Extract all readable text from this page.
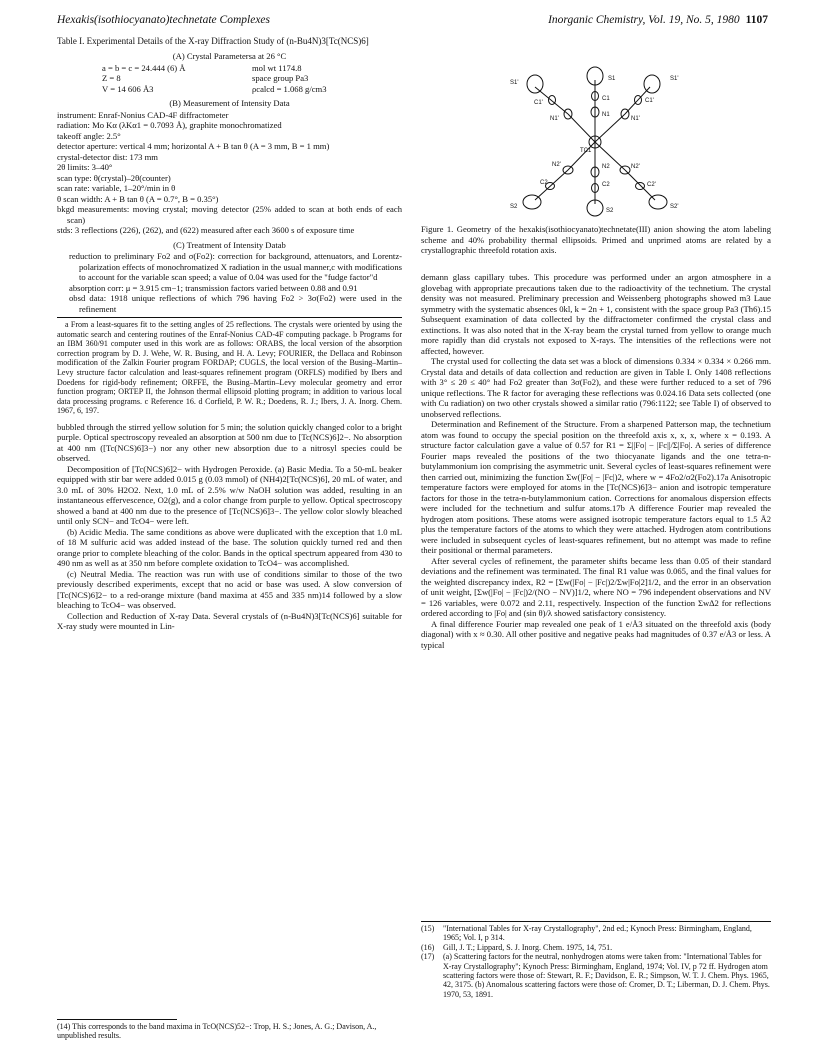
Hexakis(isothiocyanato)technetate Complexes	Inorganic Chemistry, Vol. 19, No. 5, 1980 1107
Table I. Experimental Details of the X-ray Diffraction Study of (n-Bu4N)3[Tc(NCS)6]
(A) Crystal Parametersa at 26 °C
a = b = c = 24.444 (6) Å	mol wt 1174.8
Z = 8	space group Pa3
V = 14 606 Å3	ρcalcd = 1.068 g/cm3
(B) Measurement of Intensity Data
instrument: Enraf-Nonius CAD-4F diffractometer
radiation: Mo Kα (λKα1 = 0.7093 Å), graphite monochromatized
takeoff angle: 2.5°
detector aperture: vertical 4 mm; horizontal A + B tan θ (A = 3 mm, B = 1 mm)
crystal-detector dist: 173 mm
2θ limits: 3–40°
scan type: θ(crystal)–2θ(counter)
scan rate: variable, 1–20°/min in θ
θ scan width: A + B tan θ (A = 0.7°, B = 0.35°)
bkgd measurements: moving crystal; moving detector (25% added to scan at both ends of each scan)
stds: 3 reflections (226), (262), and (622) measured after each 3600 s of exposure time
(C) Treatment of Intensity Datab
reduction to preliminary Fo2 and σ(Fo2): correction for background, attenuators, and Lorentz-polarization effects of monochromatized X radiation in the usual manner,c with modifications to account for the variable scan speed; a value of 0.04 was used for the "fudge factor"d
absorption corr: μ = 3.915 cm−1; transmission factors varied between 0.88 and 0.91
obsd data: 1918 unique reflections of which 796 having Fo2 > 3σ(Fo2) were used in the refinement

a From a least-squares fit to the setting angles of 25 reflections. The crystals were oriented by using the automatic search and centering routines of the Enraf-Nonius CAD-4F computing package. b Programs for an IBM 360/91 computer used in this work are as follows: ORABS, the local version of the absorption correction program by D. J. Wehe, W. R. Busing, and H. A. Levy; FOURIER, the Dellaca and Robinson modification of the Zalkin Fourier program FORDAP; CUGLS, the local version of the Busing–Martin–Levy structure factor calculation and least-squares refinement program (ORFLS) modified by Ibers and Doedens for rigid-body refinement; ORFFE, the Busing–Martin–Levy molecular geometry and error function program; ORTEP II, the Johnson thermal ellipsoid plotting program; in addition to various local data processing programs. c Reference 16. d Corfield, P. W. R.; Doedens, R. J.; Ibers, J. A. Inorg. Chem. 1967, 6, 197.

bubbled through the stirred yellow solution for 5 min; the solution quickly changed color to a bright purple. Optical spectroscopy revealed an absorption at 500 nm due to [Tc(NCS)6]2−. No absorption at 400 nm ([Tc(NCS)6]3−) nor any other new absorption due to a nitrosyl species could be observed.

Decomposition of [Tc(NCS)6]2− with Hydrogen Peroxide. (a) Basic Media. To a 50-mL beaker equipped with stir bar were added 0.015 g (0.03 mmol) of (NH4)2[Tc(NCS)6], 20 mL of water, and 3.0 mL of 30% H2O2. Next, 1.0 mL of 2.5% w/w NaOH solution was added, resulting in an instantaneous effervescence, O2(g), and a color change from purple to yellow. Optical spectroscopy showed a band at 400 nm due to the presence of [Tc(NCS)6]3−. The yellow color slowly bleached until only SCN− and TcO4− were left.

(b) Acidic Media. The same conditions as above were duplicated with the exception that 1.0 mL of 18 M sulfuric acid was added instead of the base. The solution quickly turned red and then orange prior to complete bleaching of the color. Bands in the optical spectrum appeared from 430 to 490 nm as well as at 350 nm before complete oxidation to TcO4− was accomplished.

(c) Neutral Media. The reaction was run with use of conditions similar to those of the two previously described experiments, except that no acid or base was used. A slow conversion of [Tc(NCS)6]2− to a red-orange mixture (band maxima at 455 and 335 nm)14 followed by a slow bleaching to TcO4− was observed.

Collection and Reduction of X-ray Data. Several crystals of (n-Bu4N)3[Tc(NCS)6] suitable for X-ray study were mounted in Lin-

(14) This corresponds to the band maxima in TcO(NCS)52−: Trop, H. S.; Jones, A. G.; Davison, A., unpublished results.
S1'
S1	S1'
C1'
C1	C1'
N1'
N1
N1'
TC1
N2'	N2	N2'
C2	C2	C2'
S2
S2
S2'
Figure 1. Geometry of the hexakis(isothiocyanato)technetate(III) anion showing the atom labeling scheme and 40% probability thermal ellipsoids. Primed and unprimed atoms are related by a crystallographic threefold rotation axis.

demann glass capillary tubes. This procedure was performed under an argon atmosphere in a glovebag with appropriate precautions taken due to the radioactivity of the technetium. The crystal density was not measured. Preliminary precession and Weissenberg photographs showed m3 Laue symmetry with the systematic absences 0kl, k = 2n + 1, consistent with the space group Pa3 (Th6).15 Subsequent examination of data collected by the diffractometer confirmed the crystal class and extinctions. It was also noted that in the X-ray beam the crystal turned from yellow to orange much more rapidly than did crystals not exposed to X-rays. The intensities of the reflections were not affected, however.

The crystal used for collecting the data set was a block of dimensions 0.334 × 0.334 × 0.266 mm. Crystal data and details of data collection and reduction are given in Table I. Only 1408 reflections with 3° ≤ 2θ ≤ 40° had Fo2 greater than 3σ(Fo2), and these were further reduced to a set of 796 unique reflections. The R factor for averaging these reflections was 0.024.16 Data sets collected (one with Cu radiation) on two other crystals showed a similar ratio (796:1122; see Table I) of observed to unobserved reflections.

Determination and Refinement of the Structure. From a sharpened Patterson map, the technetium atom was found to occupy the special position on the threefold axis x, x, x, where x = 0.193. A structure factor calculation gave a value of 0.57 for R1 = Σ||Fo| − |Fc||/Σ|Fo|. A series of difference Fourier maps revealed the positions of the two thiocyanate ligands and the one tetra-n-butylammonium ion comprising the asymmetric unit. Several cycles of least-squares refinement were then carried out, minimizing the function Σw(|Fo| − |Fc|)2, where w = 4Fo2/σ2(Fo2).17a Anisotropic temperature factors were employed for atoms in the [Tc(NCS)6]3− anion and isotropic temperature factors for those in the tetra-n-butylammonium cation. Corrections for anomalous dispersion effects were included for the technetium and sulfur atoms.17b A difference Fourier map revealed the hydrogen atom positions. These atoms were assigned isotropic temperature factors equal to 1.5 Å2 plus the temperature factors of the atoms to which they were attached. Hydrogen atom contributions were included in subsequent cycles of least-squares refinement, but no attempt was made to refine their positional or thermal parameters.

After several cycles of refinement, the parameter shifts became less than 0.05 of their standard deviations and the refinement was terminated. The final R1 value was 0.065, and the final values for the weighted discrepancy index, R2 = [Σw(|Fo| − |Fc|)2/Σw|Fo|2]1/2, and the error in an observation of unit weight, [Σw(|Fo| − |Fc|)2/(NO − NV)]1/2, where NO = 796 independent observations and NV = 126 variables, were 0.072 and 2.11, respectively. Inspection of the function Σw∆2 for reflections ordered according to |Fo| and (sin θ)/λ showed satisfactory consistency.

A final difference Fourier map revealed one peak of 1 e/Å3 situated on the threefold axis (body diagonal) with x ≈ 0.30. All other positive and negative peaks had magnitudes of 0.37 e/Å3 or less. A typical

(15)	"International Tables for X-ray Crystallography", 2nd ed.; Kynoch Press: Birmingham, England, 1965; Vol. I, p 314.
(16)	Gill, J. T.; Lippard, S. J. Inorg. Chem. 1975, 14, 751.
(17)	(a) Scattering factors for the neutral, nonhydrogen atoms were taken from: "International Tables for X-ray Crystallography"; Kynoch Press: Birmingham, England, 1974; Vol. IV, p 72 ff. Hydrogen atom scattering factors were those of: Stewart, R. F.; Davidson, E. R.; Simpson, W. T. J. Chem. Phys. 1965, 42, 3175. (b) Anomalous scattering factors were those of: Cromer, D. T.; Liberman, D. J. Chem. Phys. 1970, 53, 1891.
